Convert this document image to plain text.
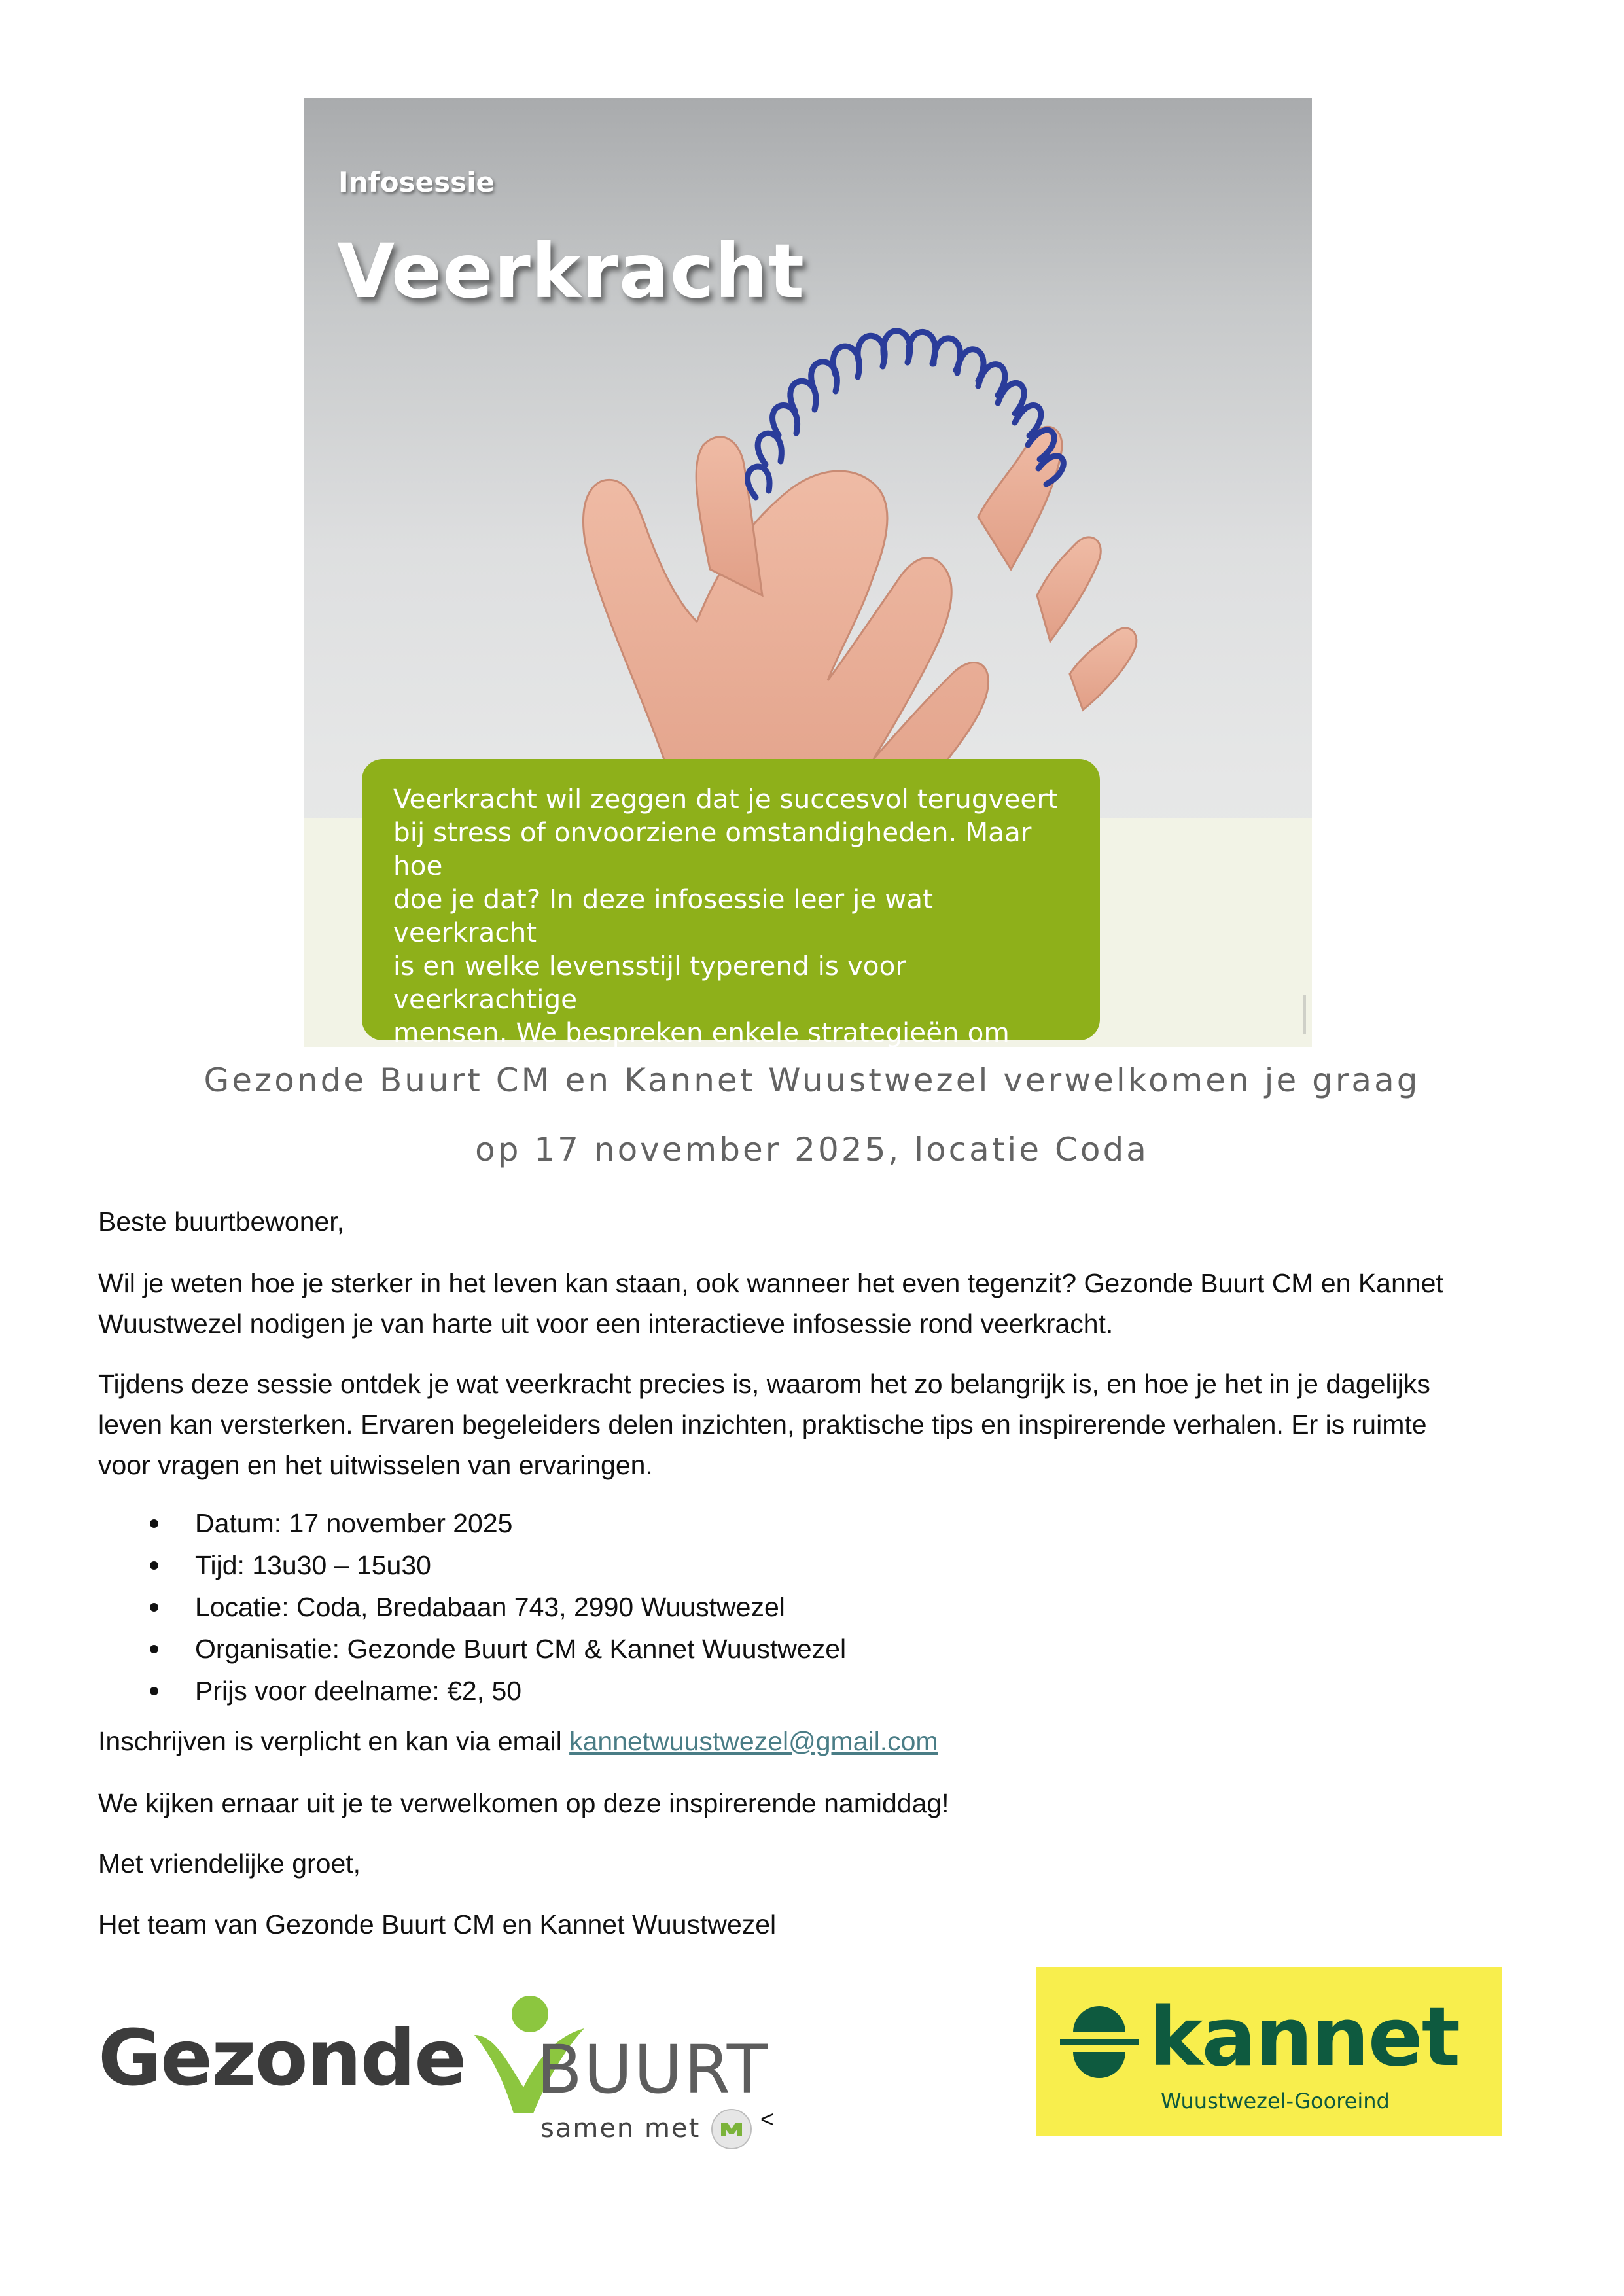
Infosessie
Veerkracht

Veerkracht wil zeggen dat je succesvol terugveert
bij stress of onvoorziene omstandigheden. Maar hoe
doe je dat? In deze infosessie leer je wat veerkracht
is en welke levensstijl typerend is voor veerkrachtige
mensen. We bespreken enkele strategieën om

Gezonde Buurt CM en Kannet Wuustwezel verwelkomen je graag
op 17 november 2025, locatie Coda

Beste buurtbewoner,

Wil je weten hoe je sterker in het leven kan staan, ook wanneer het even tegenzit? Gezonde Buurt CM en Kannet
Wuustwezel nodigen je van harte uit voor een interactieve infosessie rond veerkracht.

Tijdens deze sessie ontdek je wat veerkracht precies is, waarom het zo belangrijk is, en hoe je het in je dagelijks
leven kan versterken. Ervaren begeleiders delen inzichten, praktische tips en inspirerende verhalen. Er is ruimte
voor vragen en het uitwisselen van ervaringen.

Datum: 17 november 2025
Tijd: 13u30 – 15u30
Locatie: Coda, Bredabaan 743, 2990 Wuustwezel
Organisatie: Gezonde Buurt CM & Kannet Wuustwezel
Prijs voor deelname: €2, 50

Inschrijven is verplicht en kan via email kannetwuustwezel@gmail.com

We kijken ernaar uit je te verwelkomen op deze inspirerende namiddag!

Met vriendelijke groet,

Het team van Gezonde Buurt CM en Kannet Wuustwezel

Gezonde BUURT
samen met	<
kannet
Wuustwezel-Gooreind
